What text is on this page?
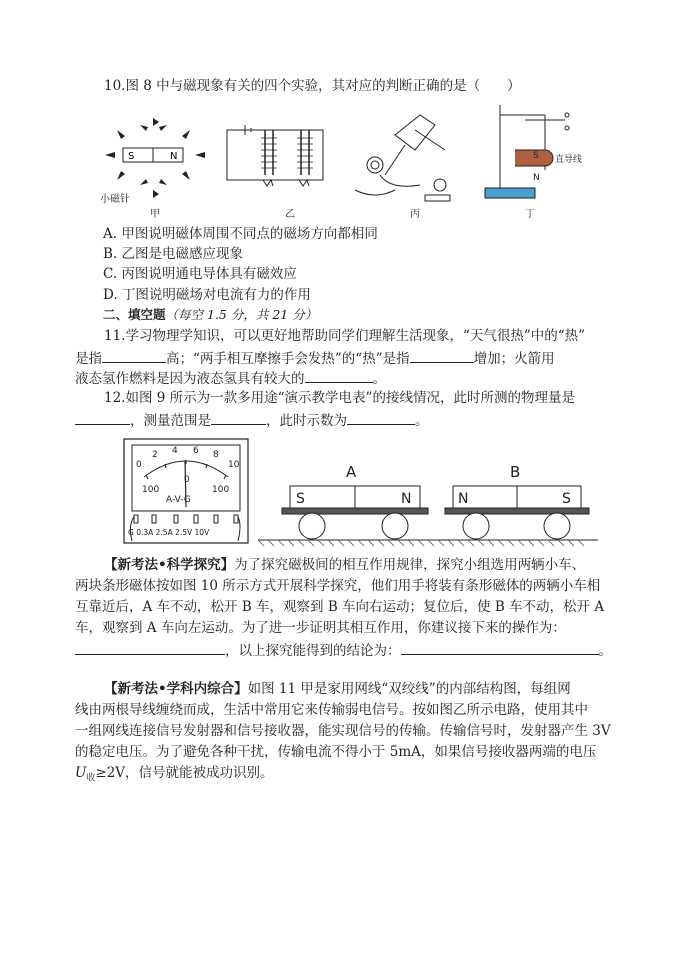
10.图 8 中与磁现象有关的四个实验，其对应的判断正确的是（　　）
S	N	S
N
直导线
小磁针
甲	乙	丙	丁
A. 甲图说明磁体周围不同点的磁场方向都相同
B. 乙图是电磁感应现象
C. 丙图说明通电导体具有磁效应
D. 丁图说明磁场对电流有力的作用
二、填空题（每空 1.5 分，共 21 分）
11.学习物理学知识，可以更好地帮助同学们理解生活现象，“天气很热”中的“热”
是指	高；“两手相互摩擦手会发热”的“热”是指	增加；火箭用
液态氢作燃料是因为液态氢具有较大的	。
12.如图 9 所示为一款多用途“演示教学电表”的接线情况，此时所测的物理量是
，测量范围是	，此时示数为	。
0
2 4 6 8
10
100
0
100
A-V-G
G 0.3A 2.5A 2.5V 10V
A	B
S	N	N	S
【新考法•科学探究】为了探究磁极间的相互作用规律，探究小组选用两辆小车、
两块条形磁体按如图 10 所示方式开展科学探究，他们用手将装有条形磁体的两辆小车相
互靠近后，A 车不动，松开 B 车，观察到 B 车向右运动；复位后，使 B 车不动，松开 A
车，观察到 A 车向左运动。为了进一步证明其相互作用，你建议接下来的操作为：
，以上探究能得到的结论为：	。
【新考法•学科内综合】如图 11 甲是家用网线“双绞线”的内部结构图，每组网
线由两根导线缠绕而成，生活中常用它来传输弱电信号。按如图乙所示电路，使用其中
一组网线连接信号发射器和信号接收器，能实现信号的传输。传输信号时，发射器产生 3V
的稳定电压。为了避免各种干扰，传输电流不得小于 5mA，如果信号接收器两端的电压
$U_收\ge 2V$，信号就能被成功识别。
